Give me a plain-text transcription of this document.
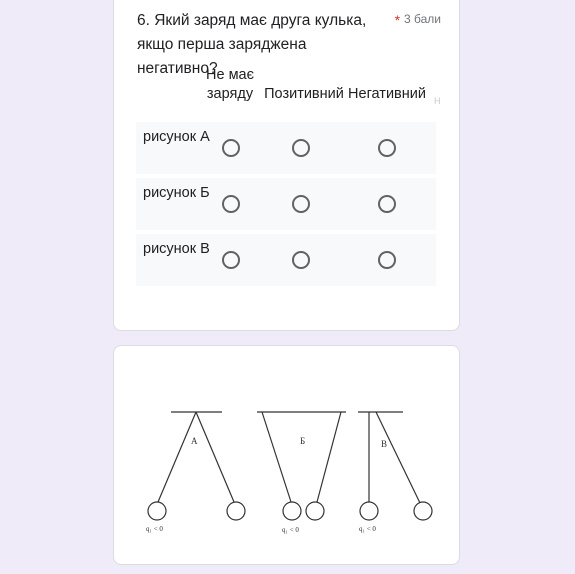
6. Який заряд має друга кулька, якщо перша заряджена негативно?
* 3 бали
Не має заряду Позитивний Негативний H
рисунок А
рисунок Б
рисунок В
А	Б	В
q₁ < 0	q₁ < 0	q₁ < 0
